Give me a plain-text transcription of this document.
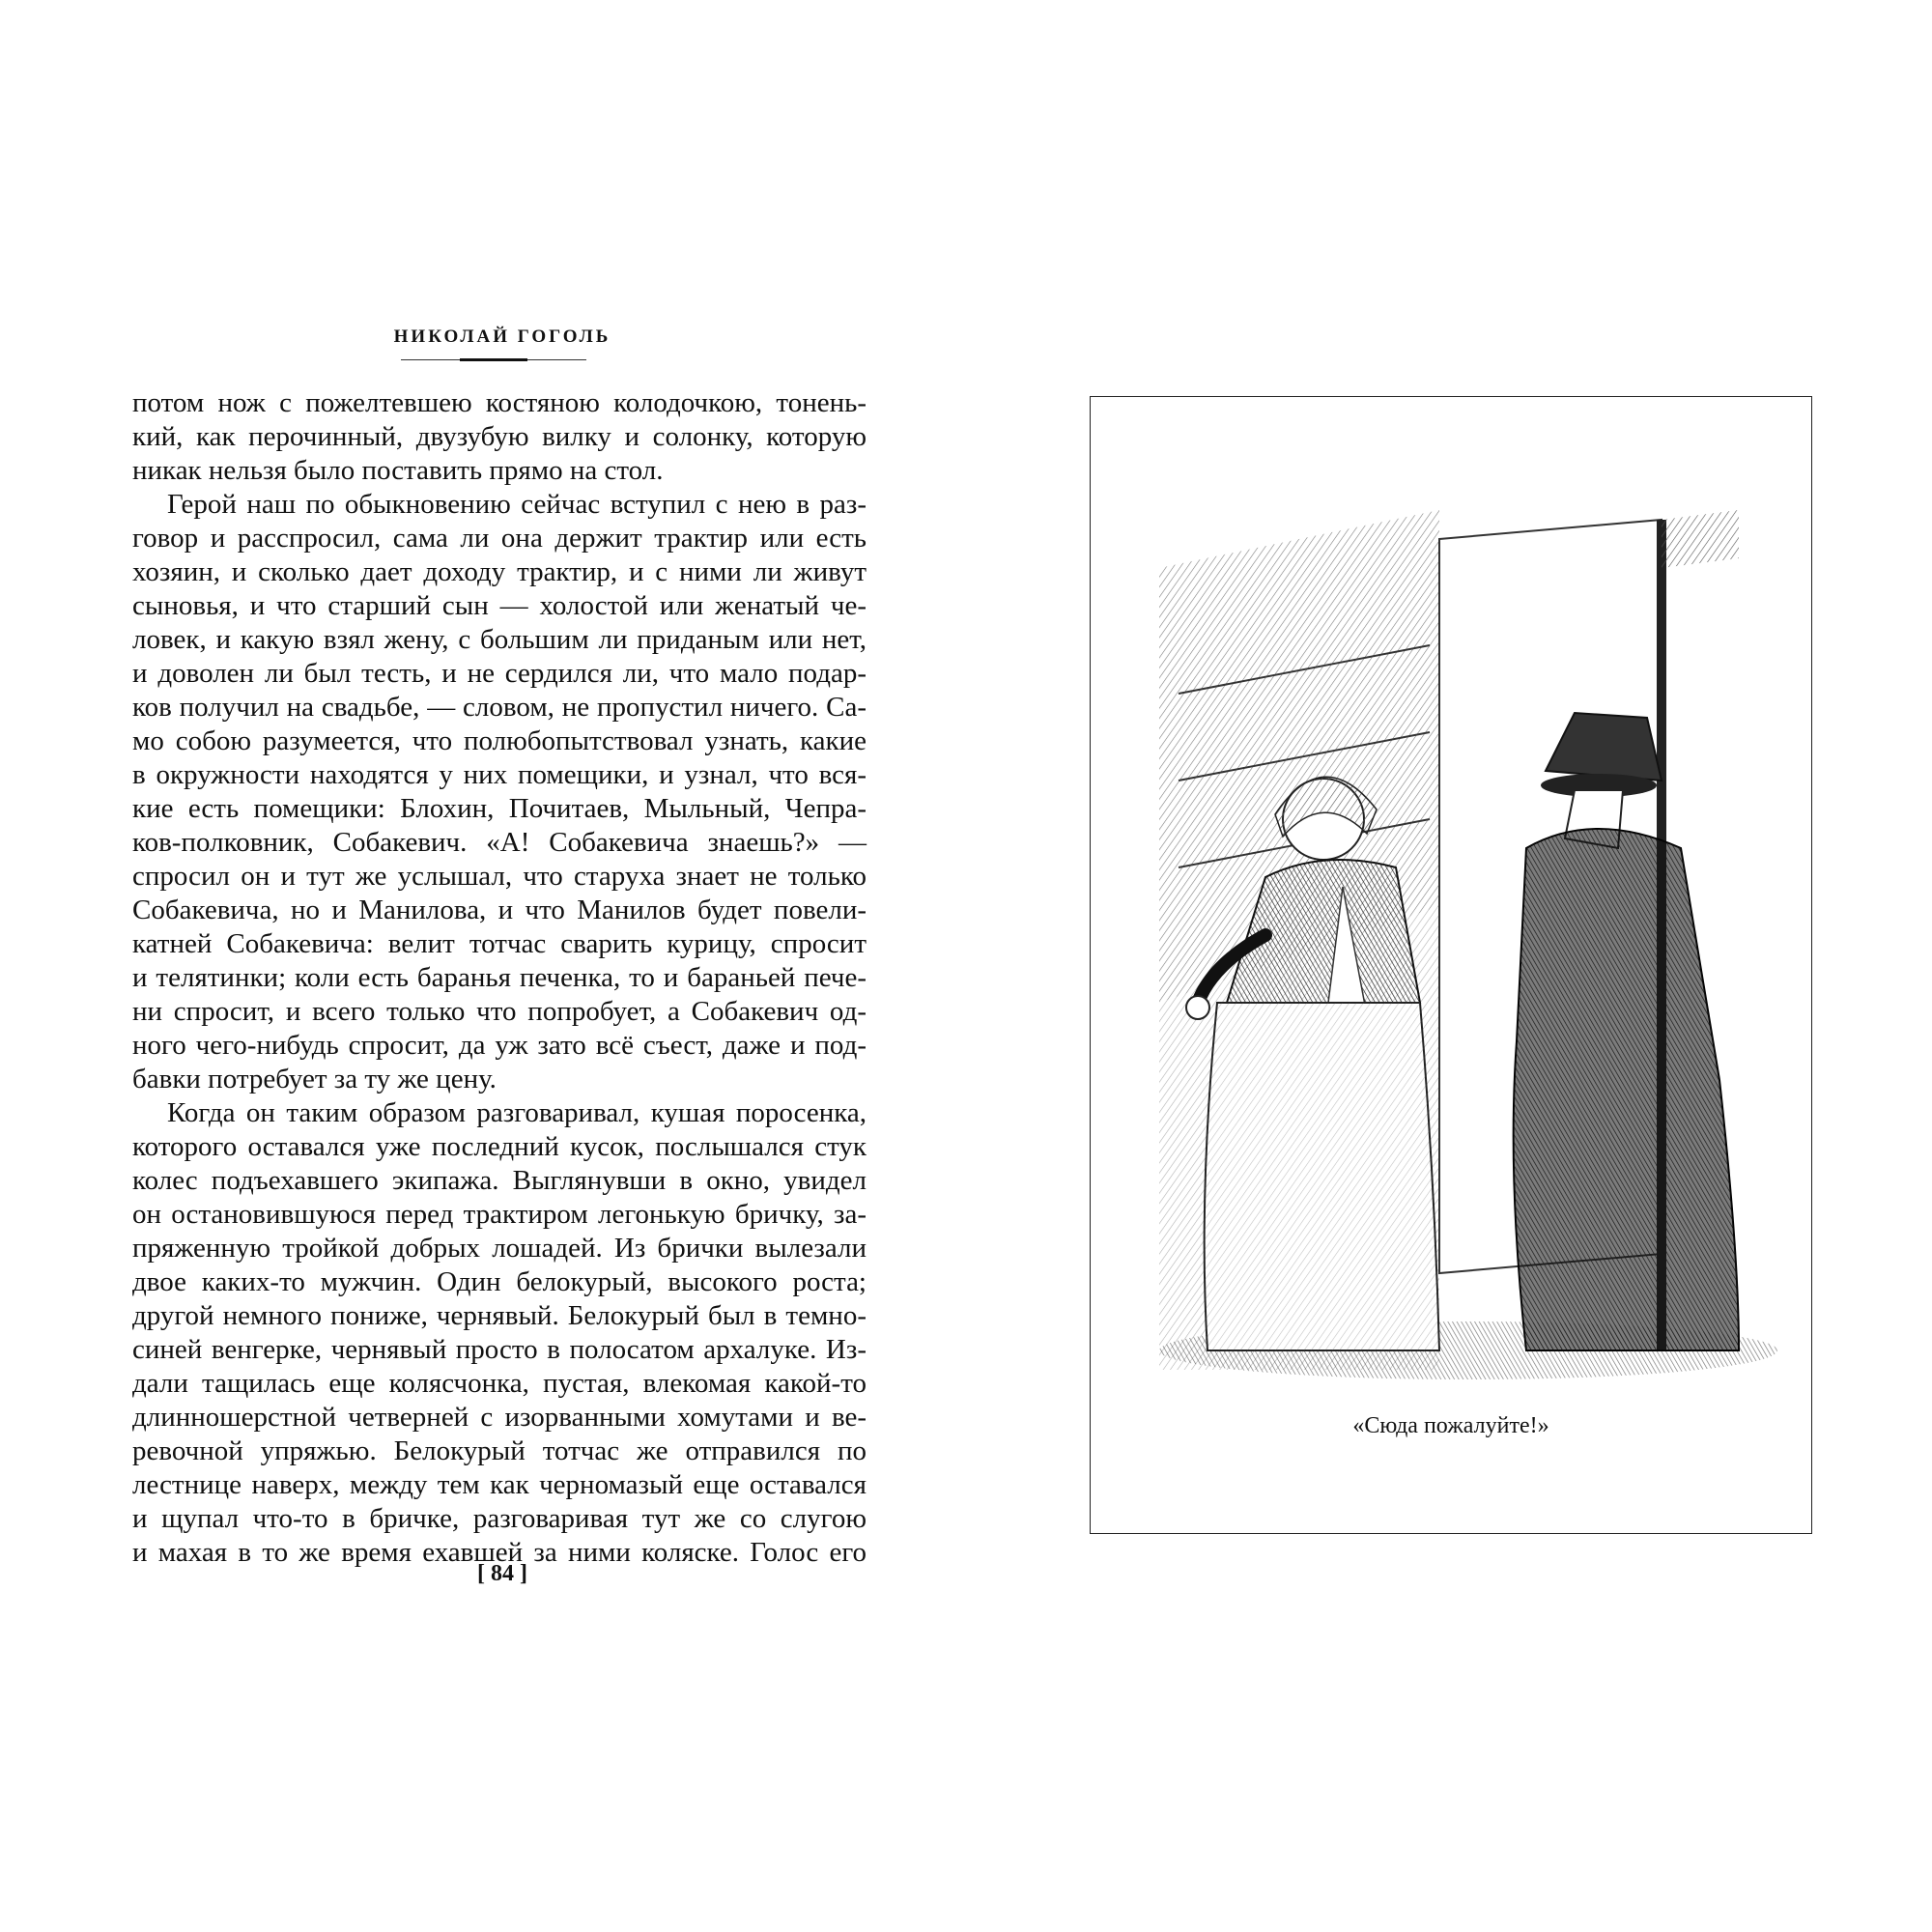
НИКОЛАЙ ГОГОЛЬ
потом нож с пожелтевшею костяною колодочкою, тонень-
кий, как перочинный, двузубую вилку и солонку, которую
никак нельзя было поставить прямо на стол.
Герой наш по обыкновению сейчас вступил с нею в раз-
говор и расспросил, сама ли она держит трактир или есть
хозяин, и сколько дает доходу трактир, и с ними ли живут
сыновья, и что старший сын — холостой или женатый че-
ловек, и какую взял жену, с большим ли приданым или нет,
и доволен ли был тесть, и не сердился ли, что мало подар-
ков получил на свадьбе, — словом, не пропустил ничего. Са-
мо собою разумеется, что полюбопытствовал узнать, какие
в окружности находятся у них помещики, и узнал, что вся-
кие есть помещики: Блохин, Почитаев, Мыльный, Чепра-
ков-полковник, Собакевич. «А! Собакевича знаешь?» —
спросил он и тут же услышал, что старуха знает не только
Собакевича, но и Манилова, и что Манилов будет повели-
катней Собакевича: велит тотчас сварить курицу, спросит
и телятинки; коли есть баранья печенка, то и бараньей пече-
ни спросит, и всего только что попробует, а Собакевич од-
ного чего-нибудь спросит, да уж зато всё съест, даже и под-
бавки потребует за ту же цену.
Когда он таким образом разговаривал, кушая поросенка,
которого оставался уже последний кусок, послышался стук
колес подъехавшего экипажа. Выглянувши в окно, увидел
он остановившуюся перед трактиром легонькую бричку, за-
пряженную тройкой добрых лошадей. Из брички вылезали
двое каких-то мужчин. Один белокурый, высокого роста;
другой немного пониже, чернявый. Белокурый был в темно-
синей венгерке, чернявый просто в полосатом архалуке. Из-
дали тащилась еще колясчонка, пустая, влекомая какой-то
длинношерстной четверней с изорванными хомутами и ве-
ревочной упряжью. Белокурый тотчас же отправился по
лестнице наверх, между тем как черномазый еще оставался
и щупал что-то в бричке, разговаривая тут же со слугою
и махая в то же время ехавшей за ними коляске. Голос его
[ 84 ]
«Сюда пожалуйте!»
